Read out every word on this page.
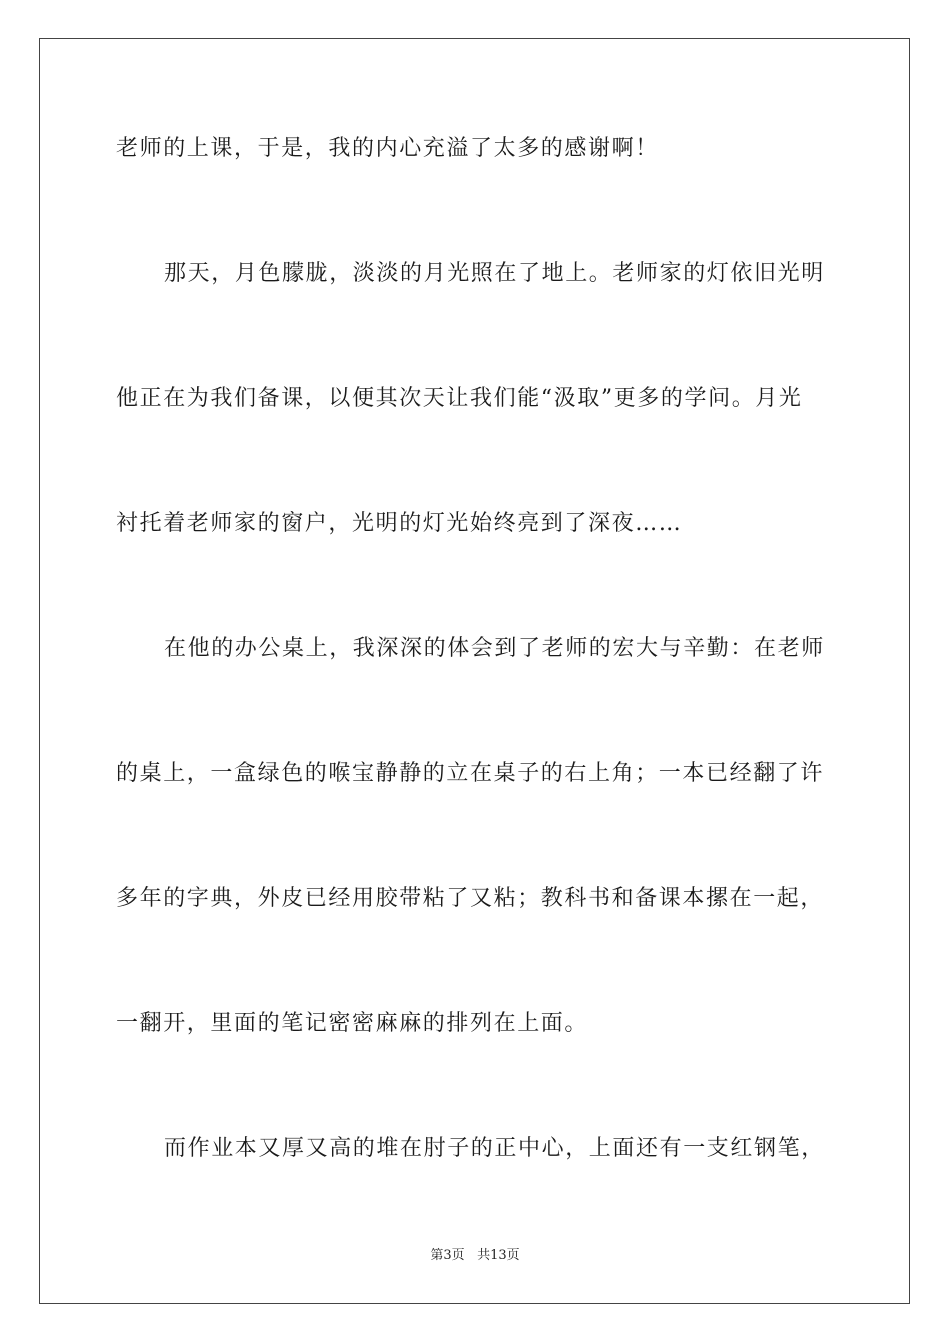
老师的上课，于是，我的内心充溢了太多的感谢啊！
那天，月色朦胧，淡淡的月光照在了地上。老师家的灯依旧光明
他正在为我们备课，以便其次天让我们能“汲取”更多的学问。月光
衬托着老师家的窗户，光明的灯光始终亮到了深夜……
在他的办公桌上，我深深的体会到了老师的宏大与辛勤：在老师
的桌上，一盒绿色的喉宝静静的立在桌子的右上角；一本已经翻了许
多年的字典，外皮已经用胶带粘了又粘；教科书和备课本摞在一起，
一翻开，里面的笔记密密麻麻的排列在上面。
而作业本又厚又高的堆在肘子的正中心，上面还有一支红钢笔，
第3页 共13页
